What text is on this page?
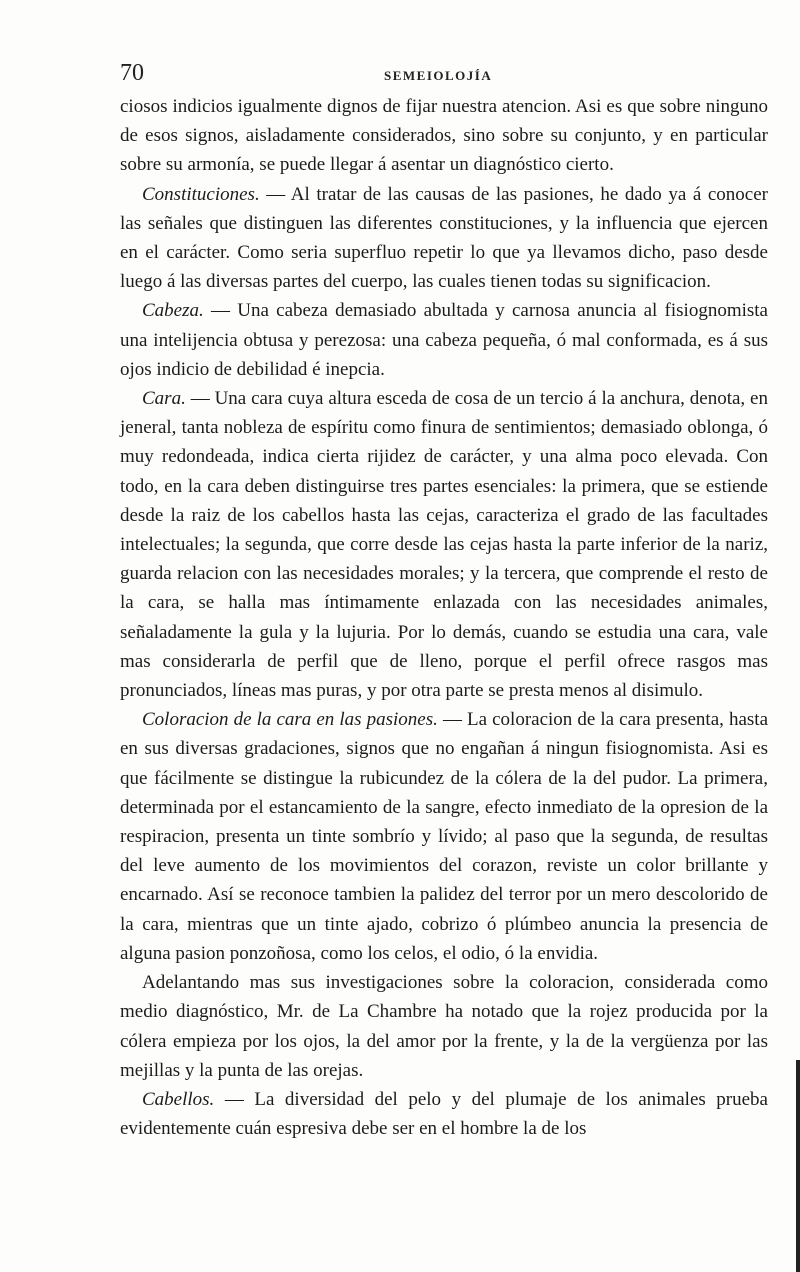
70	SEMEIOLOJÍA

ciosos indicios igualmente dignos de fijar nuestra atencion. Asi es que sobre ninguno de esos signos, aisladamente considerados, sino sobre su conjunto, y en particular sobre su armonía, se puede llegar á asentar un diagnóstico cierto.

Constituciones. — Al tratar de las causas de las pasiones, he dado ya á conocer las señales que distinguen las diferentes constituciones, y la influencia que ejercen en el carácter. Como seria superfluo repetir lo que ya llevamos dicho, paso desde luego á las diversas partes del cuerpo, las cuales tienen todas su significacion.

Cabeza. — Una cabeza demasiado abultada y carnosa anuncia al fisiognomista una intelijencia obtusa y perezosa: una cabeza pequeña, ó mal conformada, es á sus ojos indicio de debilidad é inepcia.

Cara. — Una cara cuya altura esceda de cosa de un tercio á la anchura, denota, en jeneral, tanta nobleza de espíritu como finura de sentimientos; demasiado oblonga, ó muy redondeada, indica cierta rijidez de carácter, y una alma poco elevada. Con todo, en la cara deben distinguirse tres partes esenciales: la primera, que se estiende desde la raiz de los cabellos hasta las cejas, caracteriza el grado de las facultades intelectuales; la segunda, que corre desde las cejas hasta la parte inferior de la nariz, guarda relacion con las necesidades morales; y la tercera, que comprende el resto de la cara, se halla mas íntimamente enlazada con las necesidades animales, señaladamente la gula y la lujuria. Por lo demás, cuando se estudia una cara, vale mas considerarla de perfil que de lleno, porque el perfil ofrece rasgos mas pronunciados, líneas mas puras, y por otra parte se presta menos al disimulo.

Coloracion de la cara en las pasiones. — La coloracion de la cara presenta, hasta en sus diversas gradaciones, signos que no engañan á ningun fisiognomista. Asi es que fácilmente se distingue la rubicundez de la cólera de la del pudor. La primera, determinada por el estancamiento de la sangre, efecto inmediato de la opresion de la respiracion, presenta un tinte sombrío y lívido; al paso que la segunda, de resultas del leve aumento de los movimientos del corazon, reviste un color brillante y encarnado. Así se reconoce tambien la palidez del terror por un mero descolorido de la cara, mientras que un tinte ajado, cobrizo ó plúmbeo anuncia la presencia de alguna pasion ponzoñosa, como los celos, el odio, ó la envidia.

Adelantando mas sus investigaciones sobre la coloracion, considerada como medio diagnóstico, Mr. de La Chambre ha notado que la rojez producida por la cólera empieza por los ojos, la del amor por la frente, y la de la vergüenza por las mejillas y la punta de las orejas.

Cabellos. — La diversidad del pelo y del plumaje de los animales prueba evidentemente cuán espresiva debe ser en el hombre la de los
